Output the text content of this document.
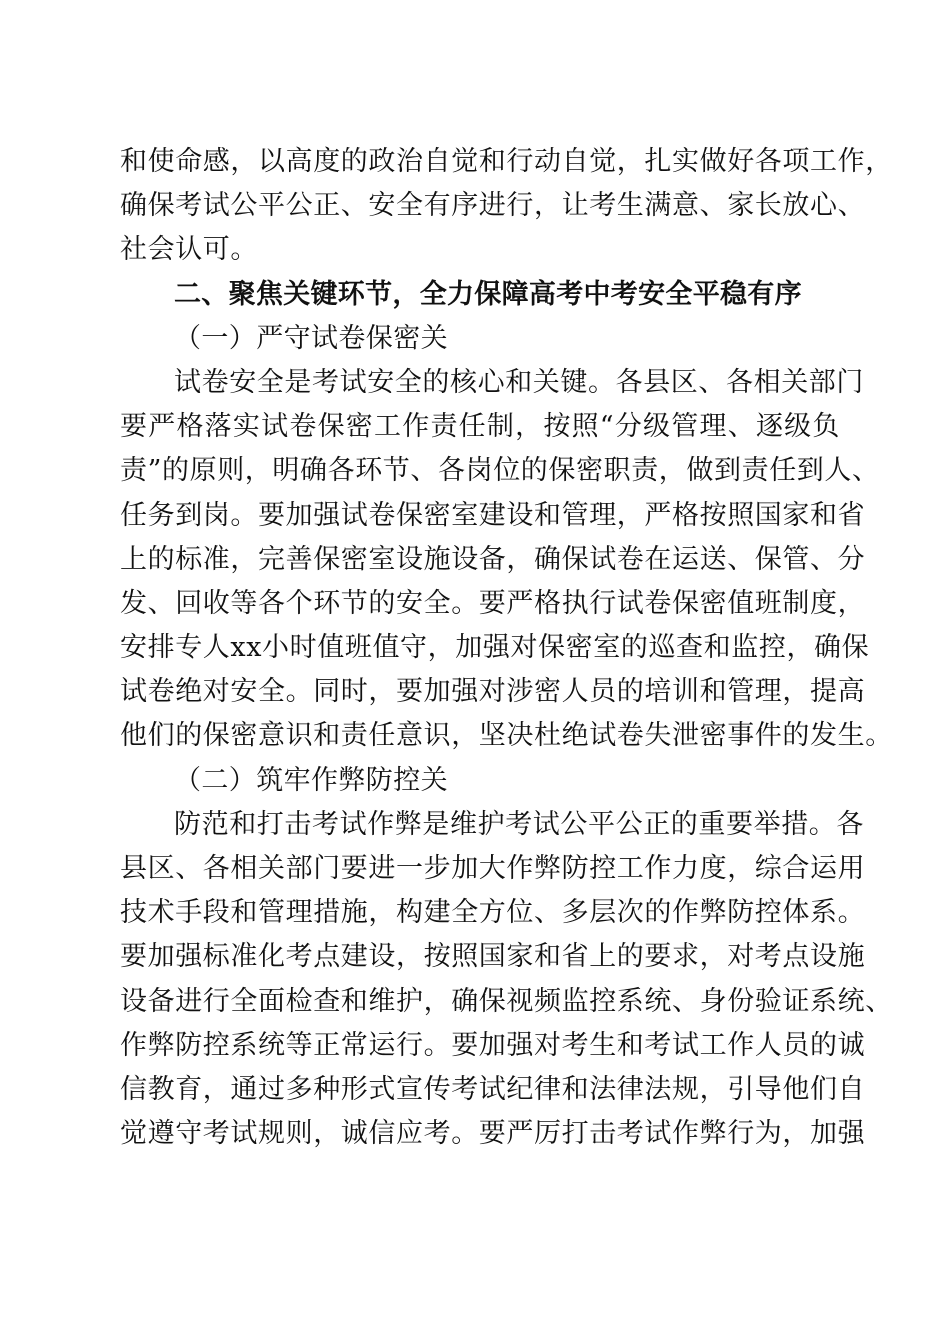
和使命感，以高度的政治自觉和行动自觉，扎实做好各项工作，
确保考试公平公正、安全有序进行，让考生满意、家长放心、
社会认可。
二、聚焦关键环节，全力保障高考中考安全平稳有序
（一）严守试卷保密关
试卷安全是考试安全的核心和关键。各县区、各相关部门
要严格落实试卷保密工作责任制，按照“分级管理、逐级负
责”的原则，明确各环节、各岗位的保密职责，做到责任到人、
任务到岗。要加强试卷保密室建设和管理，严格按照国家和省
上的标准，完善保密室设施设备，确保试卷在运送、保管、分
发、回收等各个环节的安全。要严格执行试卷保密值班制度，
安排专人xx小时值班值守，加强对保密室的巡查和监控，确保
试卷绝对安全。同时，要加强对涉密人员的培训和管理，提高
他们的保密意识和责任意识，坚决杜绝试卷失泄密事件的发生。
（二）筑牢作弊防控关
防范和打击考试作弊是维护考试公平公正的重要举措。各
县区、各相关部门要进一步加大作弊防控工作力度，综合运用
技术手段和管理措施，构建全方位、多层次的作弊防控体系。
要加强标准化考点建设，按照国家和省上的要求，对考点设施
设备进行全面检查和维护，确保视频监控系统、身份验证系统、
作弊防控系统等正常运行。要加强对考生和考试工作人员的诚
信教育，通过多种形式宣传考试纪律和法律法规，引导他们自
觉遵守考试规则，诚信应考。要严厉打击考试作弊行为，加强
